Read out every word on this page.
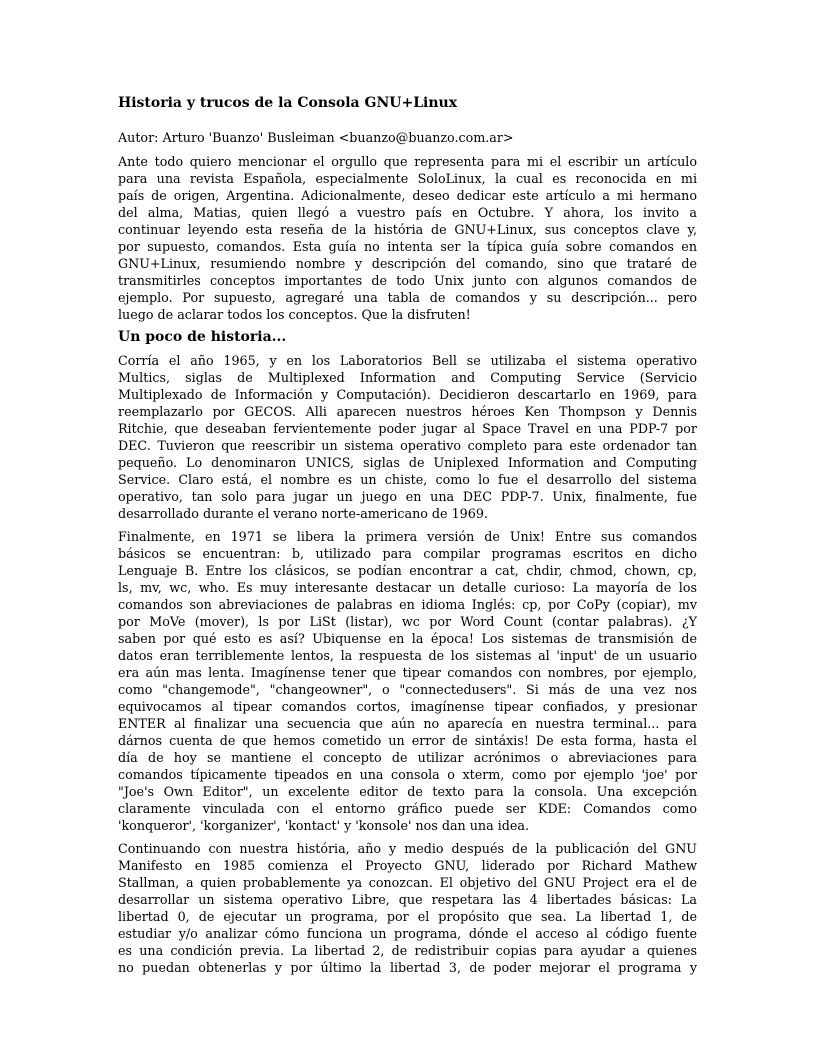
Historia y trucos de la Consola GNU+Linux
Autor: Arturo 'Buanzo' Busleiman <buanzo@buanzo.com.ar>
Ante todo quiero mencionar el orgullo que representa para mi el escribir un artículo
para una revista Española, especialmente SoloLinux, la cual es reconocida en mi
país de origen, Argentina. Adicionalmente, deseo dedicar este artículo a mi hermano
del alma, Matias, quien llegó a vuestro país en Octubre. Y ahora, los invito a
continuar leyendo esta reseña de la história de GNU+Linux, sus conceptos clave y,
por supuesto, comandos. Esta guía no intenta ser la típica guía sobre comandos en
GNU+Linux, resumiendo nombre y descripción del comando, sino que trataré de
transmitirles conceptos importantes de todo Unix junto con algunos comandos de
ejemplo. Por supuesto, agregaré una tabla de comandos y su descripción... pero
luego de aclarar todos los conceptos. Que la disfruten!
Un poco de historia...
Corría el año 1965, y en los Laboratorios Bell se utilizaba el sistema operativo
Multics, siglas de Multiplexed Information and Computing Service (Servicio
Multiplexado de Información y Computación). Decidieron descartarlo en 1969, para
reemplazarlo por GECOS. Alli aparecen nuestros héroes Ken Thompson y Dennis
Ritchie, que deseaban fervientemente poder jugar al Space Travel en una PDP-7 por
DEC. Tuvieron que reescribir un sistema operativo completo para este ordenador tan
pequeño. Lo denominaron UNICS, siglas de Uniplexed Information and Computing
Service. Claro está, el nombre es un chiste, como lo fue el desarrollo del sistema
operativo, tan solo para jugar un juego en una DEC PDP-7. Unix, finalmente, fue
desarrollado durante el verano norte-americano de 1969.
Finalmente, en 1971 se libera la primera versión de Unix! Entre sus comandos
básicos se encuentran: b, utilizado para compilar programas escritos en dicho
Lenguaje B. Entre los clásicos, se podían encontrar a cat, chdir, chmod, chown, cp,
ls, mv, wc, who. Es muy interesante destacar un detalle curioso: La mayoría de los
comandos son abreviaciones de palabras en idioma Inglés: cp, por CoPy (copiar), mv
por MoVe (mover), ls por LiSt (listar), wc por Word Count (contar palabras). ¿Y
saben por qué esto es así? Ubiquense en la época! Los sistemas de transmisión de
datos eran terriblemente lentos, la respuesta de los sistemas al 'input' de un usuario
era aún mas lenta. Imagínense tener que tipear comandos con nombres, por ejemplo,
como "changemode", "changeowner", o "connectedusers". Si más de una vez nos
equivocamos al tipear comandos cortos, imagínense tipear confiados, y presionar
ENTER al finalizar una secuencia que aún no aparecía en nuestra terminal... para
dárnos cuenta de que hemos cometido un error de sintáxis! De esta forma, hasta el
día de hoy se mantiene el concepto de utilizar acrónimos o abreviaciones para
comandos típicamente tipeados en una consola o xterm, como por ejemplo 'joe' por
"Joe's Own Editor", un excelente editor de texto para la consola. Una excepción
claramente vinculada con el entorno gráfico puede ser KDE: Comandos como
'konqueror', 'korganizer', 'kontact' y 'konsole' nos dan una idea.
Continuando con nuestra história, año y medio después de la publicación del GNU
Manifesto en 1985 comienza el Proyecto GNU, liderado por Richard Mathew
Stallman, a quien probablemente ya conozcan. El objetivo del GNU Project era el de
desarrollar un sistema operativo Libre, que respetara las 4 libertades básicas: La
libertad 0, de ejecutar un programa, por el propósito que sea. La libertad 1, de
estudiar y/o analizar cómo funciona un programa, dónde el acceso al código fuente
es una condición previa. La libertad 2, de redistribuir copias para ayudar a quienes
no puedan obtenerlas y por último la libertad 3, de poder mejorar el programa y
